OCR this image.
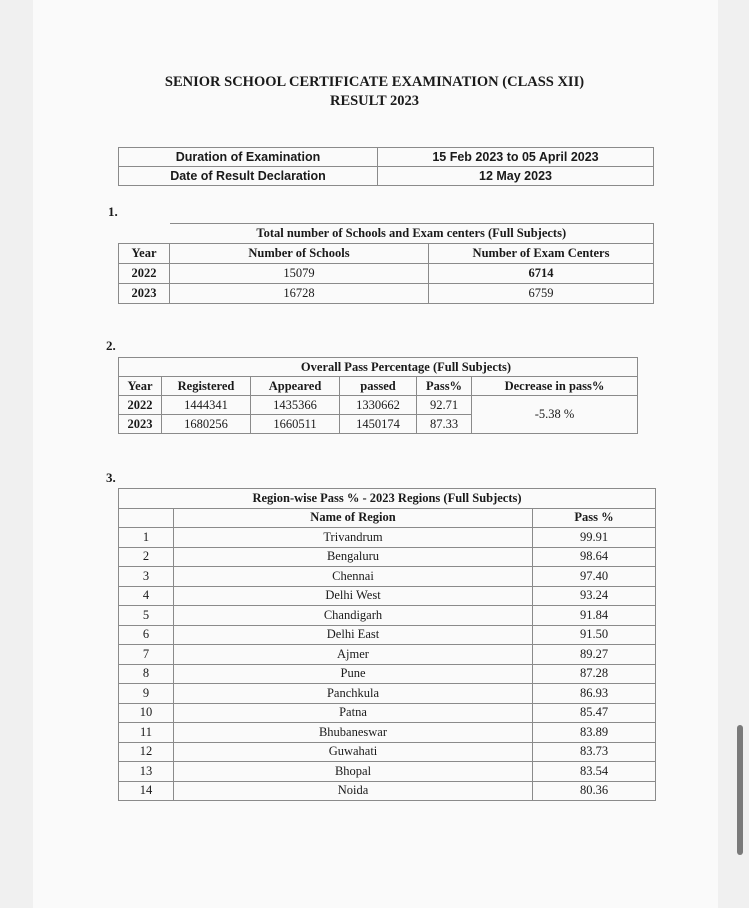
SENIOR SCHOOL CERTIFICATE EXAMINATION (CLASS XII)
RESULT 2023
Duration of Examination	15 Feb 2023 to 05 April 2023
Date of Result Declaration	12 May 2023
1.
	Total number of Schools and Exam centers (Full Subjects)	
Year	Number of Schools	Number of Exam Centers
2022	15079	6714
2023	16728	6759
2.
Overall Pass Percentage (Full Subjects)					
Year	Registered	Appeared	passed	Pass%	Decrease in pass%
2022	1444341	1435366	1330662	92.71	-5.38 %
2023	1680256	1660511	1450174	87.33	
3.
Region-wise Pass % - 2023 Regions (Full Subjects)		
	Name of Region	Pass %
1	Trivandrum	99.91
2	Bengaluru	98.64
3	Chennai	97.40
4	Delhi West	93.24
5	Chandigarh	91.84
6	Delhi East	91.50
7	Ajmer	89.27
8	Pune	87.28
9	Panchkula	86.93
10	Patna	85.47
11	Bhubaneswar	83.89
12	Guwahati	83.73
13	Bhopal	83.54
14	Noida	80.36
